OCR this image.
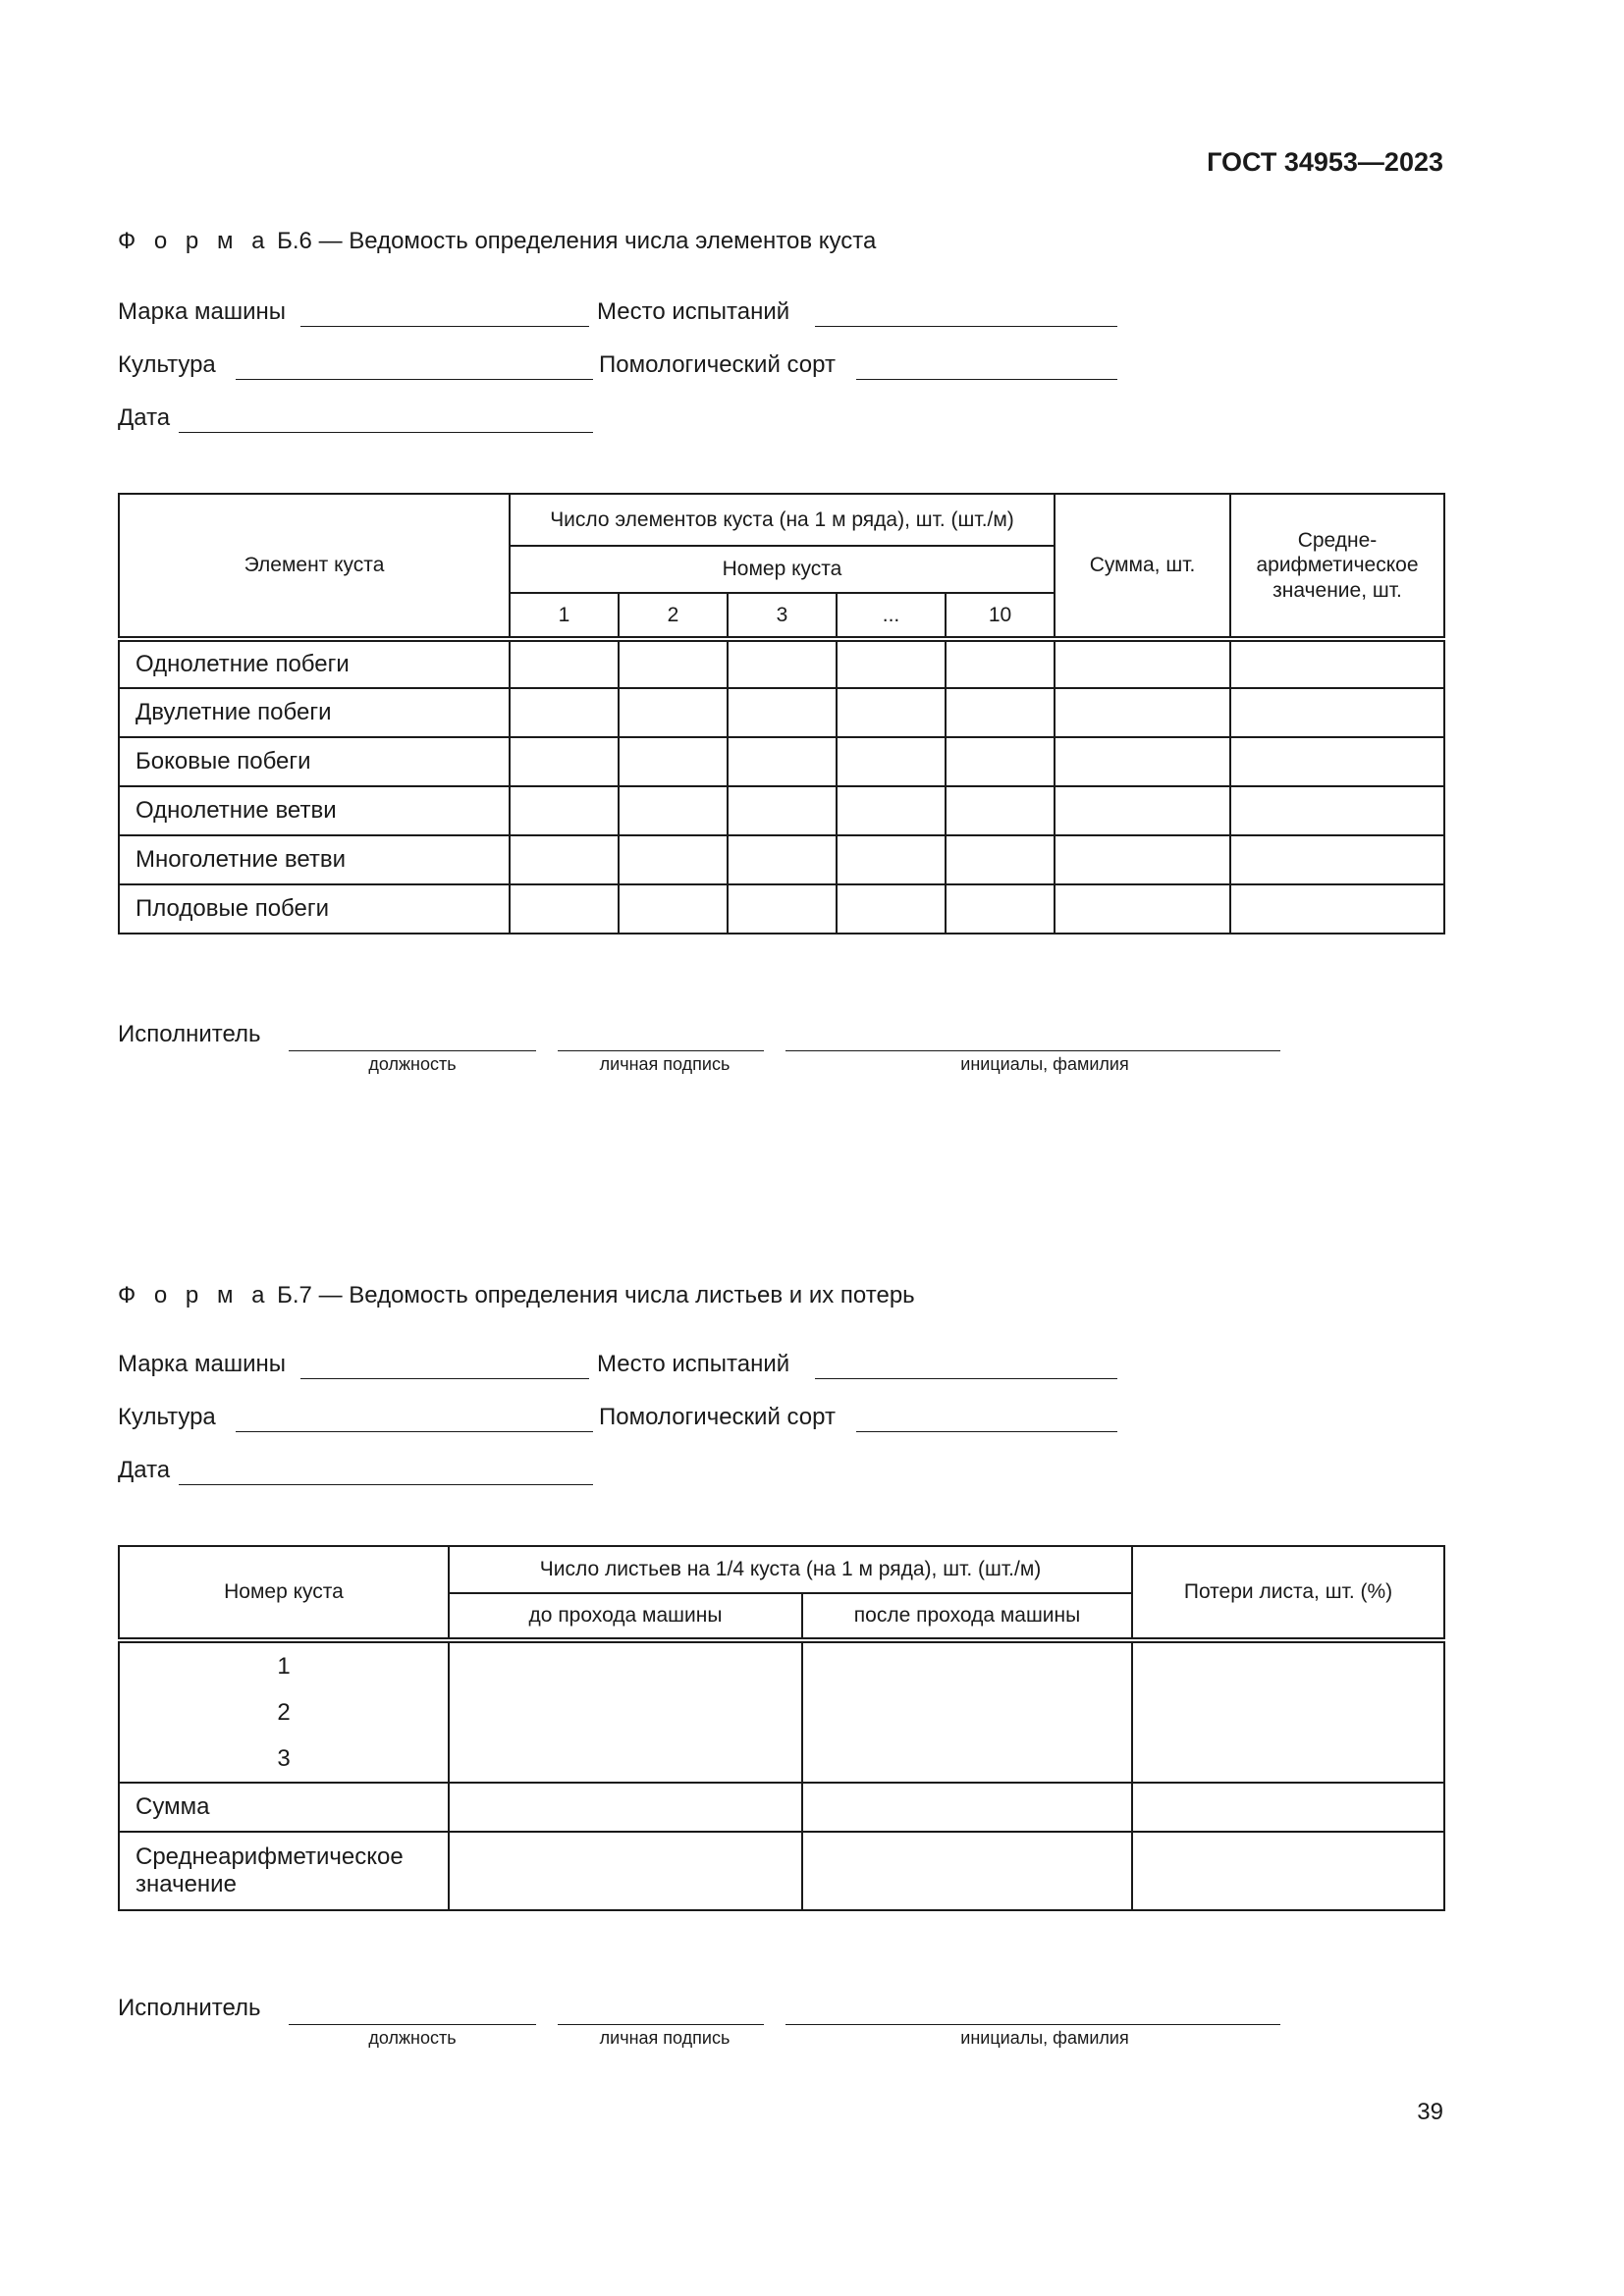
ГОСТ 34953—2023
Ф о р м а Б.6 — Ведомость определения числа элементов куста
Марка машины	Место испытаний
Культура	Помологический сорт
Дата
Элемент куста	Число элементов куста (на 1 м ряда), шт. (шт./м)					Сумма, шт.	Средне-арифметическое значение, шт.
	Номер куста						
	1	2	3	...	10		
Однолетние побеги							
Двулетние побеги							
Боковые побеги							
Однолетние ветви							
Многолетние ветви							
Плодовые побеги							
Исполнитель
должность	личная подпись	инициалы, фамилия
Ф о р м а Б.7 — Ведомость определения числа листьев и их потерь
Марка машины	Место испытаний
Культура	Помологический сорт
Дата
Номер куста	Число листьев на 1/4 куста (на 1 м ряда), шт. (шт./м)		Потери листа, шт. (%)
	до прохода машины	после прохода машины	

1
2
3			

Сумма			
Среднеарифметическое значение			
Исполнитель
должность	личная подпись	инициалы, фамилия
39
